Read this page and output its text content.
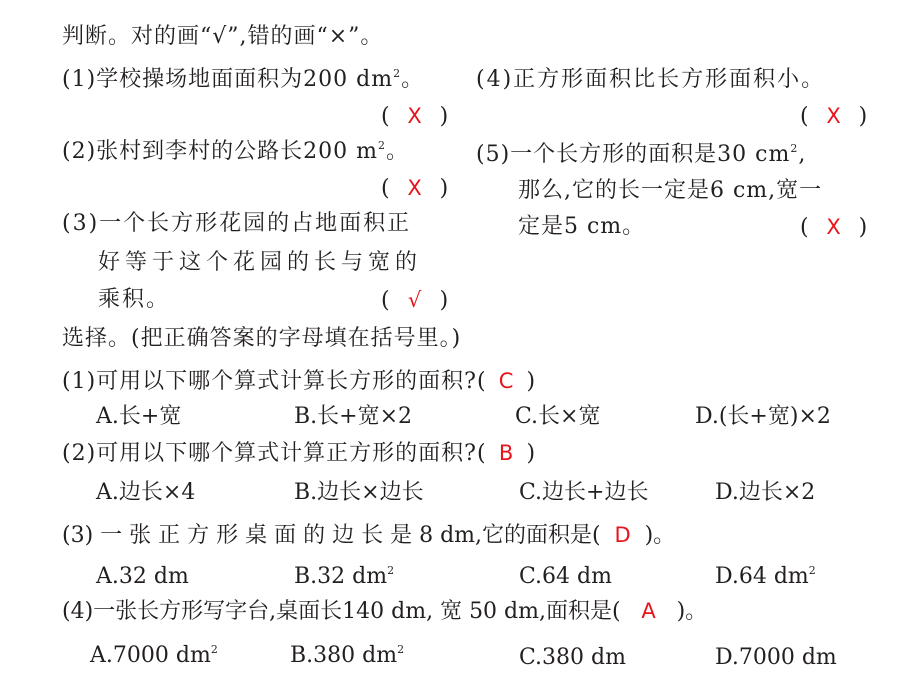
判断。对的画“√”,错的画“×”。
(1)学校操场地面面积为200 $dm^2$。
(  X  )
(2)张村到李村的公路长200 $m^2$。
(  X  )
(3)一个长方形花园的占地面积正
好等于这个花园的长与宽的
乘积。	(  √  )
(4)正方形面积比长方形面积小。
(  X  )
(5)一个长方形的面积是30 $cm^2$,
那么,它的长一定是6 cm,宽一
定是5 cm。	(  X  )
选择。(把正确答案的字母填在括号里。)
(1)可用以下哪个算式计算长方形的面积?( C )
A.长+宽	B.长+宽×2	C.长×宽	D.(长+宽)×2
(2)可用以下哪个算式计算正方形的面积?( B )
A.边长×4	B.边长×边长	C.边长+边长	D.边长×2
(3) 一 张 正 方 形 桌 面 的 边 长 是 8 dm,它的面积是( D )。
A.32 dm	B.32 $dm^2$	C.64 dm	D.64 $dm^2$
(4)一张长方形写字台,桌面长140 dm, 宽 50 dm,面积是( A )。
A.7000 $dm^2$	B.380 $dm^2$	C.380 dm	D.7000 dm
